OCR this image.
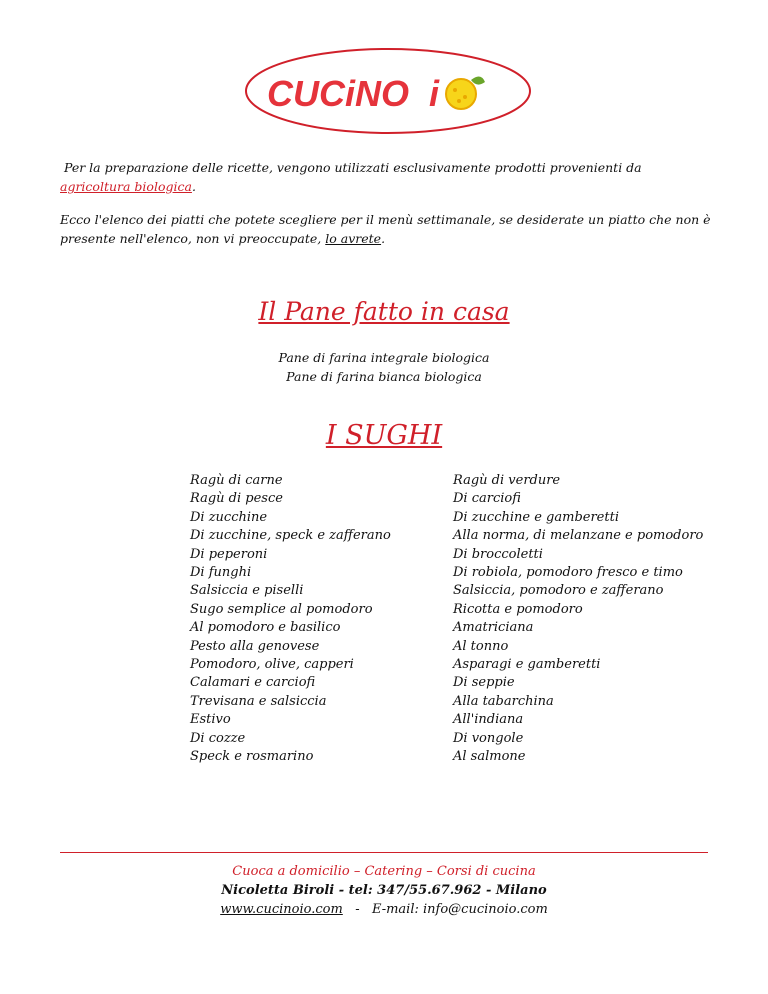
CUCiNO i
Per la preparazione delle ricette, vengono utilizzati esclusivamente prodotti provenienti da
agricoltura biologica.
Ecco l'elenco dei piatti che potete scegliere per il menù settimanale, se desiderate un piatto che non è presente nell'elenco, non vi preoccupate, lo avrete.
Il Pane fatto in casa
Pane di farina integrale biologica
Pane di farina bianca biologica
I SUGHI
Ragù di carne
Ragù di pesce
Di zucchine
Di zucchine, speck e zafferano
Di peperoni
Di funghi
Salsiccia e piselli
Sugo semplice al pomodoro
Al pomodoro e basilico
Pesto alla genovese
Pomodoro, olive, capperi
Calamari e carciofi
Trevisana e salsiccia
Estivo
Di cozze
Speck e rosmarino
Ragù di verdure
Di carciofi
Di zucchine e gamberetti
Alla norma, di melanzane e pomodoro
Di broccoletti
Di robiola, pomodoro fresco e timo
Salsiccia, pomodoro e zafferano
Ricotta e pomodoro
Amatriciana
Al tonno
Asparagi e gamberetti
Di seppie
Alla tabarchina
All'indiana
Di vongole
Al salmone
Cuoca a domicilio – Catering – Corsi di cucina
Nicoletta Biroli - tel: 347/55.67.962 - Milano
www.cucinoio.com   -   E-mail: info@cucinoio.com
